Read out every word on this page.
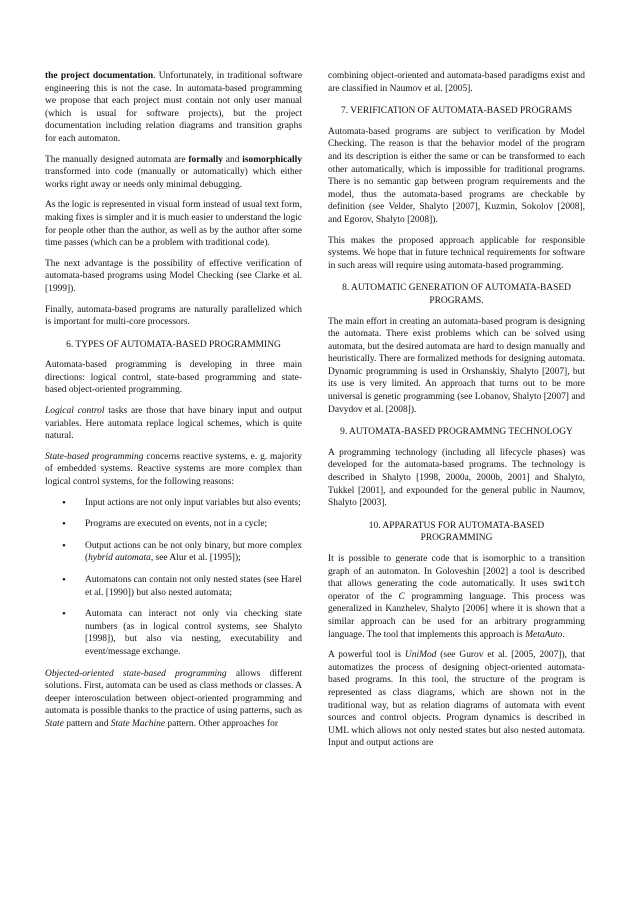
the project documentation. Unfortunately, in traditional software engineering this is not the case. In automata-based programming we propose that each project must contain not only user manual (which is usual for software projects), but the project documentation including relation diagrams and transition graphs for each automaton.

The manually designed automata are formally and isomorphically transformed into code (manually or automatically) which either works right away or needs only minimal debugging.

As the logic is represented in visual form instead of usual text form, making fixes is simpler and it is much easier to understand the logic for people other than the author, as well as by the author after some time passes (which can be a problem with traditional code).

The next advantage is the possibility of effective verification of automata-based programs using Model Checking (see Clarke et al. [1999]).

Finally, automata-based programs are naturally parallelized which is important for multi-core processors.

6. TYPES OF AUTOMATA-BASED PROGRAMMING

Automata-based programming is developing in three main directions: logical control, state-based programming and state-based object-oriented programming.

Logical control tasks are those that have binary input and output variables. Here automata replace logical schemes, which is quite natural.

State-based programming concerns reactive systems, e. g. majority of embedded systems. Reactive systems are more complex than logical control systems, for the following reasons:

• Input actions are not only input variables but also events;
• Programs are executed on events, not in a cycle;
• Output actions can be not only binary, but more complex (hybrid automata, see Alur et al. [1995]);
• Automatons can contain not only nested states (see Harel et al. [1990]) but also nested automata;
• Automata can interact not only via checking state numbers (as in logical control systems, see Shalyto [1998]), but also via nesting, executability and event/message exchange.

Objected-oriented state-based programming allows different solutions. First, automata can be used as class methods or classes. A deeper interosculation between object-oriented programming and automata is possible thanks to the practice of using patterns, such as State pattern and State Machine pattern. Other approaches for

combining object-oriented and automata-based paradigms exist and are classified in Naumov et al. [2005].

7. VERIFICATION OF AUTOMATA-BASED PROGRAMS

Automata-based programs are subject to verification by Model Checking. The reason is that the behavior model of the program and its description is either the same or can be transformed to each other automatically, which is impossible for traditional programs. There is no semantic gap between program requirements and the model, thus the automata-based programs are checkable by definition (see Velder, Shalyto [2007], Kuzmin, Sokolov [2008], and Egorov, Shalyto [2008]).

This makes the proposed approach applicable for responsible systems. We hope that in future technical requirements for software in such areas will require using automata-based programming.

8. AUTOMATIC GENERATION OF AUTOMATA-BASED PROGRAMS.

The main effort in creating an automata-based program is designing the automata. There exist problems which can be solved using automata, but the desired automata are hard to design manually and heuristically. There are formalized methods for designing automata. Dynamic programming is used in Orshanskiy, Shalyto [2007], but its use is very limited. An approach that turns out to be more universal is genetic programming (see Lobanov, Shalyto [2007] and Davydov et al. [2008]).

9. AUTOMATA-BASED PROGRAMMNG TECHNOLOGY

A programming technology (including all lifecycle phases) was developed for the automata-based programs. The technology is described in Shalyto [1998, 2000a, 2000b, 2001] and Shalyto, Tukkel [2001], and expounded for the general public in Naumov, Shalyto [2003].

10. APPARATUS FOR AUTOMATA-BASED PROGRAMMING

It is possible to generate code that is isomorphic to a transition graph of an automaton. In Goloveshin [2002] a tool is described that allows generating the code automatically. It uses switch operator of the C programming language. This process was generalized in Kanzhelev, Shalyto [2006] where it is shown that a similar approach can be used for an arbitrary programming language. The tool that implements this approach is MetaAuto.

A powerful tool is UniMod (see Gurov et al. [2005, 2007]), that automatizes the process of designing object-oriented automata-based programs. In this tool, the structure of the program is represented as class diagrams, which are shown not in the traditional way, but as relation diagrams of automata with event sources and control objects. Program dynamics is described in UML which allows not only nested states but also nested automata. Input and output actions are
